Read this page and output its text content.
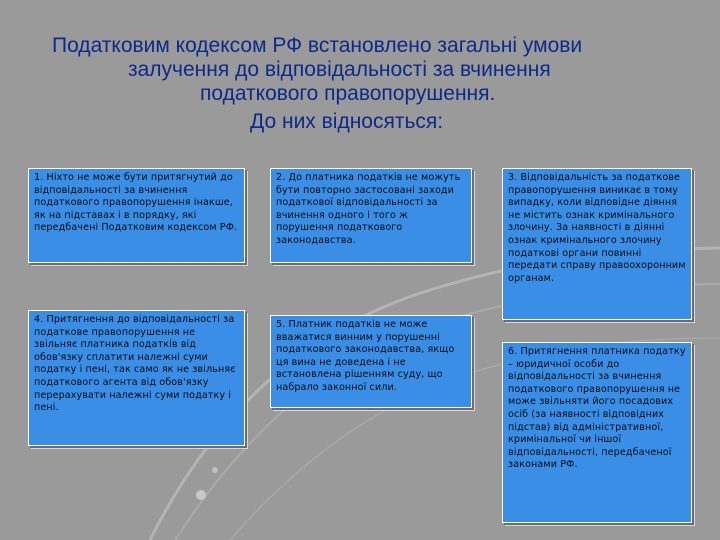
Податковим кодексом РФ встановлено загальні умови
залучення до відповідальності за вчинення
податкового правопорушення.
До них відносяться:
1. Ніхто не може бути притягнутий до відповідальності за вчинення податкового правопорушення інакше, як на підставах і в порядку, які передбачені Податковим кодексом РФ.
2. До платника податків не можуть бути повторно застосовані заходи податкової відповідальності за вчинення одного і того ж порушення податкового законодавства.
3. Відповідальність за податкове правопорушення виникає в тому випадку, коли відповідне діяння не містить ознак кримінального злочину. За наявності в діянні ознак кримінального злочину податкові органи повинні передати справу правоохоронним органам.
4. Притягнення до відповідальності за податкове правопорушення не звільняє платника податків від обов'язку сплатити належні суми податку і пені, так само як не звільняє податкового агента від обов'язку перерахувати належні суми податку і пені.
5. Платник податків не може вважатися винним у порушенні податкового законодавства, якщо ця вина не доведена і не встановлена рішенням суду, що набрало законної сили.
6. Притягнення платника податку – юридичної особи до відповідальності за вчинення податкового правопорушення не може звільняти його посадових осіб (за наявності відповідних підстав) від адміністративної, кримінальної чи іншої відповідальності, передбаченої законами РФ.
